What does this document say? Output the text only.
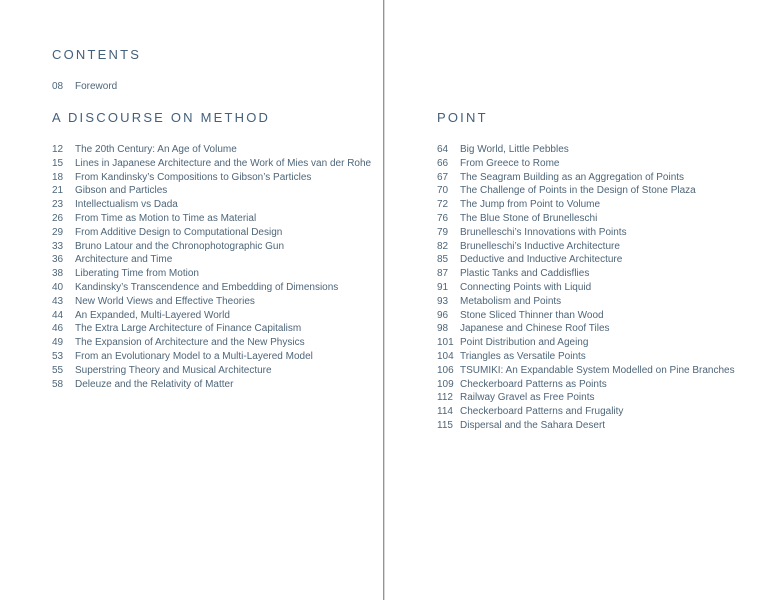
CONTENTS
08	Foreword
A DISCOURSE ON METHOD
12	The 20th Century: An Age of Volume
15	Lines in Japanese Architecture and the Work of Mies van der Rohe
18	From Kandinsky’s Compositions to Gibson’s Particles
21	Gibson and Particles
23	Intellectualism vs Dada
26	From Time as Motion to Time as Material
29	From Additive Design to Computational Design
33	Bruno Latour and the Chronophotographic Gun
36	Architecture and Time
38	Liberating Time from Motion
40	Kandinsky’s Transcendence and Embedding of Dimensions
43	New World Views and Effective Theories
44	An Expanded, Multi-Layered World
46	The Extra Large Architecture of Finance Capitalism
49	The Expansion of Architecture and the New Physics
53	From an Evolutionary Model to a Multi-Layered Model
55	Superstring Theory and Musical Architecture
58	Deleuze and the Relativity of Matter
POINT
64	Big World, Little Pebbles
66	From Greece to Rome
67	The Seagram Building as an Aggregation of Points
70	The Challenge of Points in the Design of Stone Plaza
72	The Jump from Point to Volume
76	The Blue Stone of Brunelleschi
79	Brunelleschi’s Innovations with Points
82	Brunelleschi’s Inductive Architecture
85	Deductive and Inductive Architecture
87	Plastic Tanks and Caddisflies
91	Connecting Points with Liquid
93	Metabolism and Points
96	Stone Sliced Thinner than Wood
98	Japanese and Chinese Roof Tiles
101 Point Distribution and Ageing
104 Triangles as Versatile Points
106 TSUMIKI: An Expandable System Modelled on Pine Branches
109 Checkerboard Patterns as Points
112 Railway Gravel as Free Points
114 Checkerboard Patterns and Frugality
115 Dispersal and the Sahara Desert
